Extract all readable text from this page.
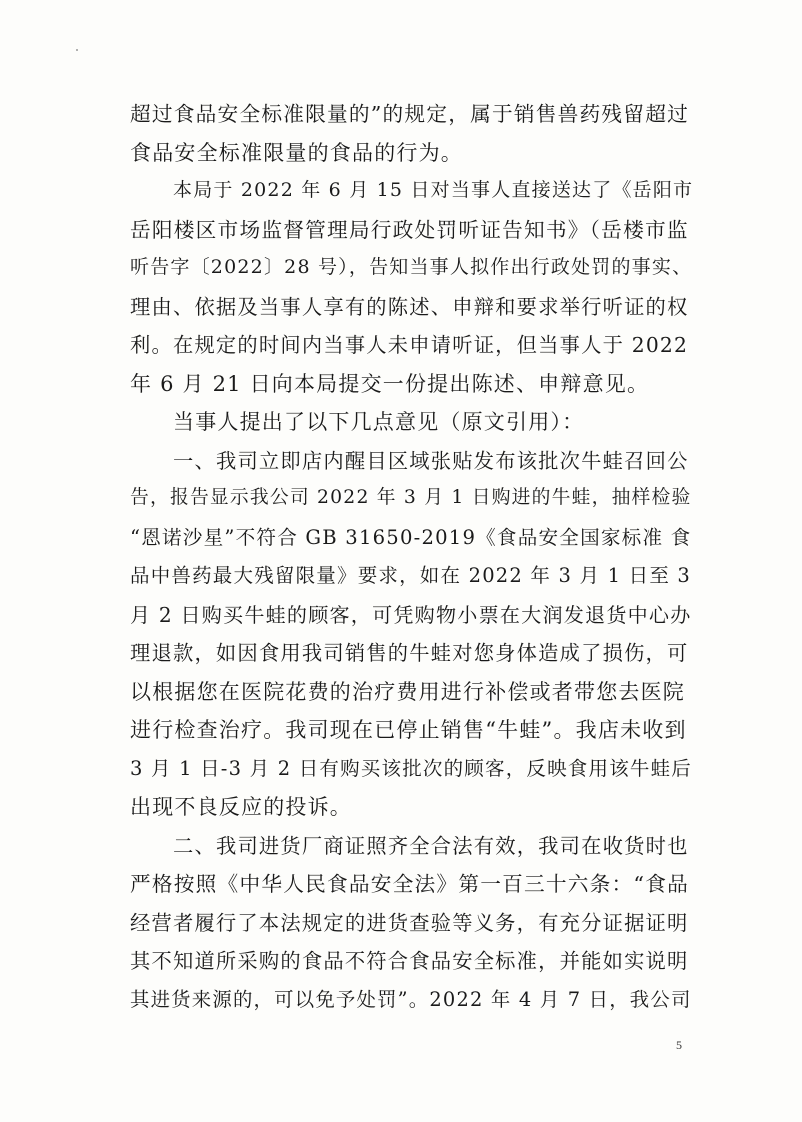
超过食品安全标准限量的”的规定，属于销售兽药残留超过
食品安全标准限量的食品的行为。
本局于 2022 年 6 月 15 日对当事人直接送达了《岳阳市
岳阳楼区市场监督管理局行政处罚听证告知书》（岳楼市监
听告字〔2022〕28 号），告知当事人拟作出行政处罚的事实、
理由、依据及当事人享有的陈述、申辩和要求举行听证的权
利。在规定的时间内当事人未申请听证，但当事人于 2022
年 6 月 21 日向本局提交一份提出陈述、申辩意见。
当事人提出了以下几点意见（原文引用）：
一、我司立即店内醒目区域张贴发布该批次牛蛙召回公
告，报告显示我公司 2022 年 3 月 1 日购进的牛蛙，抽样检验
“恩诺沙星”不符合 GB 31650-2019《食品安全国家标准 食
品中兽药最大残留限量》要求，如在 2022 年 3 月 1 日至 3
月 2 日购买牛蛙的顾客，可凭购物小票在大润发退货中心办
理退款，如因食用我司销售的牛蛙对您身体造成了损伤，可
以根据您在医院花费的治疗费用进行补偿或者带您去医院
进行检查治疗。我司现在已停止销售“牛蛙”。我店未收到
3 月 1 日-3 月 2 日有购买该批次的顾客，反映食用该牛蛙后
出现不良反应的投诉。
二、我司进货厂商证照齐全合法有效，我司在收货时也
严格按照《中华人民食品安全法》第一百三十六条：“食品
经营者履行了本法规定的进货查验等义务，有充分证据证明
其不知道所采购的食品不符合食品安全标准，并能如实说明
其进货来源的，可以免予处罚”。2022 年 4 月 7 日，我公司
5
